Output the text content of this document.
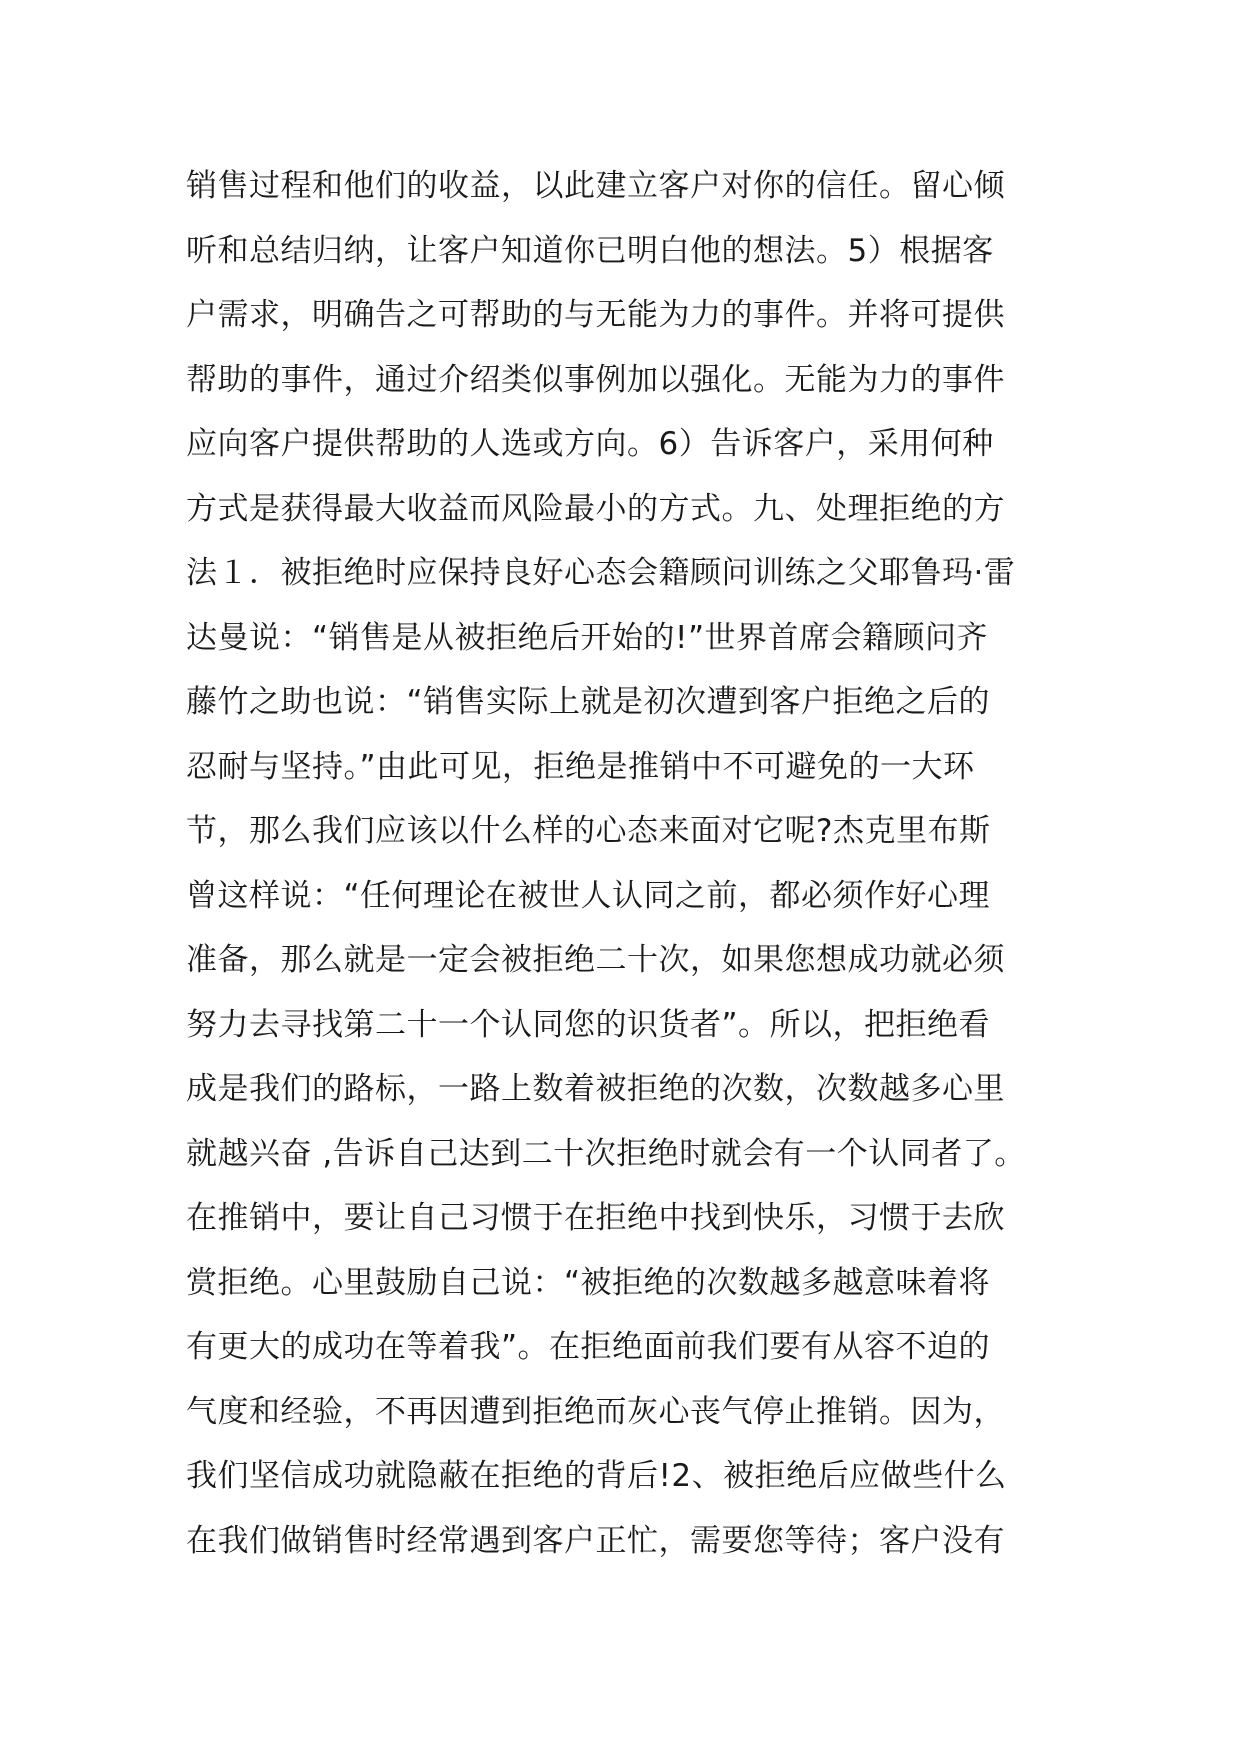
销售过程和他们的收益，以此建立客户对你的信任。留心倾
听和总结归纳，让客户知道你已明白他的想法。5）根据客
户需求，明确告之可帮助的与无能为力的事件。并将可提供
帮助的事件，通过介绍类似事例加以强化。无能为力的事件
应向客户提供帮助的人选或方向。6）告诉客户，采用何种
方式是获得最大收益而风险最小的方式。九、处理拒绝的方
法１．被拒绝时应保持良好心态会籍顾问训练之父耶鲁玛·雷
达曼说：“销售是从被拒绝后开始的!”世界首席会籍顾问齐
藤竹之助也说：“销售实际上就是初次遭到客户拒绝之后的
忍耐与坚持。”由此可见，拒绝是推销中不可避免的一大环
节，那么我们应该以什么样的心态来面对它呢?杰克里布斯
曾这样说：“任何理论在被世人认同之前，都必须作好心理
准备，那么就是一定会被拒绝二十次，如果您想成功就必须
努力去寻找第二十一个认同您的识货者”。所以，把拒绝看
成是我们的路标，一路上数着被拒绝的次数，次数越多心里
就越兴奋 ,告诉自己达到二十次拒绝时就会有一个认同者了。
在推销中，要让自己习惯于在拒绝中找到快乐，习惯于去欣
赏拒绝。心里鼓励自己说：“被拒绝的次数越多越意味着将
有更大的成功在等着我”。在拒绝面前我们要有从容不迫的
气度和经验，不再因遭到拒绝而灰心丧气停止推销。因为，
我们坚信成功就隐蔽在拒绝的背后!2、被拒绝后应做些什么
在我们做销售时经常遇到客户正忙，需要您等待；客户没有
